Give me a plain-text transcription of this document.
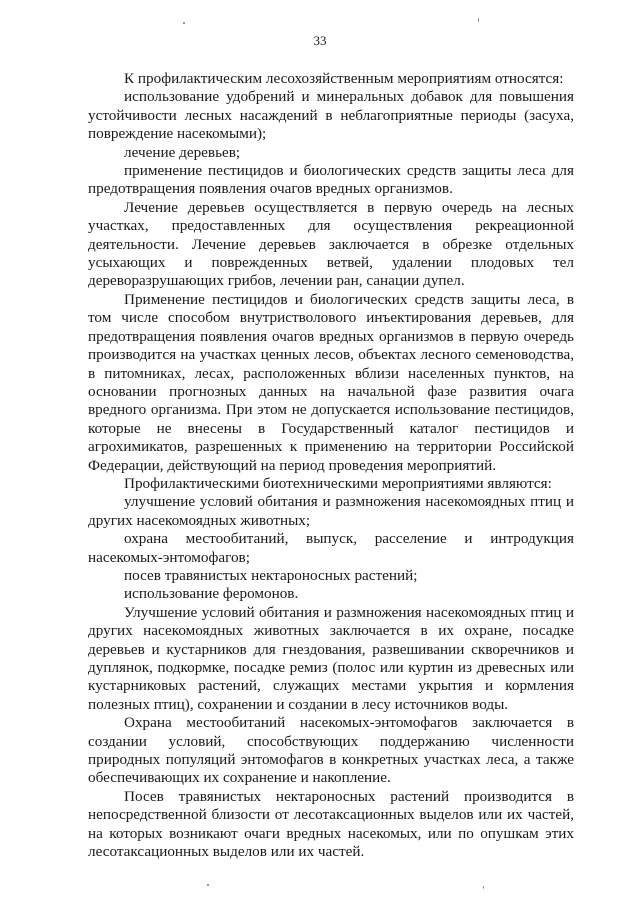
33

К профилактическим лесохозяйственным мероприятиям относятся:

использование удобрений и минеральных добавок для повышения устойчивости лесных насаждений в неблагоприятные периоды (засуха, повреждение насекомыми);

лечение деревьев;

применение пестицидов и биологических средств защиты леса для предотвращения появления очагов вредных организмов.

Лечение деревьев осуществляется в первую очередь на лесных участках, предоставленных для осуществления рекреационной деятельности. Лечение деревьев заключается в обрезке отдельных усыхающих и поврежденных ветвей, удалении плодовых тел дереворазрушающих грибов, лечении ран, санации дупел.

Применение пестицидов и биологических средств защиты леса, в том числе способом внутристволового инъектирования деревьев, для предотвращения появления очагов вредных организмов в первую очередь производится на участках ценных лесов, объектах лесного семеноводства, в питомниках, лесах, расположенных вблизи населенных пунктов, на основании прогнозных данных на начальной фазе развития очага вредного организма. При этом не допускается использование пестицидов, которые не внесены в Государственный каталог пестицидов и агрохимикатов, разрешенных к применению на территории Российской Федерации, действующий на период проведения мероприятий.

Профилактическими биотехническими мероприятиями являются:

улучшение условий обитания и размножения насекомоядных птиц и других насекомоядных животных;

охрана местообитаний, выпуск, расселение и интродукция насекомых-энтомофагов;

посев травянистых нектароносных растений;

использование феромонов.

Улучшение условий обитания и размножения насекомоядных птиц и других насекомоядных животных заключается в их охране, посадке деревьев и кустарников для гнездования, развешивании скворечников и дуплянок, подкормке, посадке ремиз (полос или куртин из древесных или кустарниковых растений, служащих местами укрытия и кормления полезных птиц), сохранении и создании в лесу источников воды.

Охрана местообитаний насекомых-энтомофагов заключается в создании условий, способствующих поддержанию численности природных популяций энтомофагов в конкретных участках леса, а также обеспечивающих их сохранение и накопление.

Посев травянистых нектароносных растений производится в непосредственной близости от лесотаксационных выделов или их частей, на которых возникают очаги вредных насекомых, или по опушкам этих лесотаксационных выделов или их частей.
